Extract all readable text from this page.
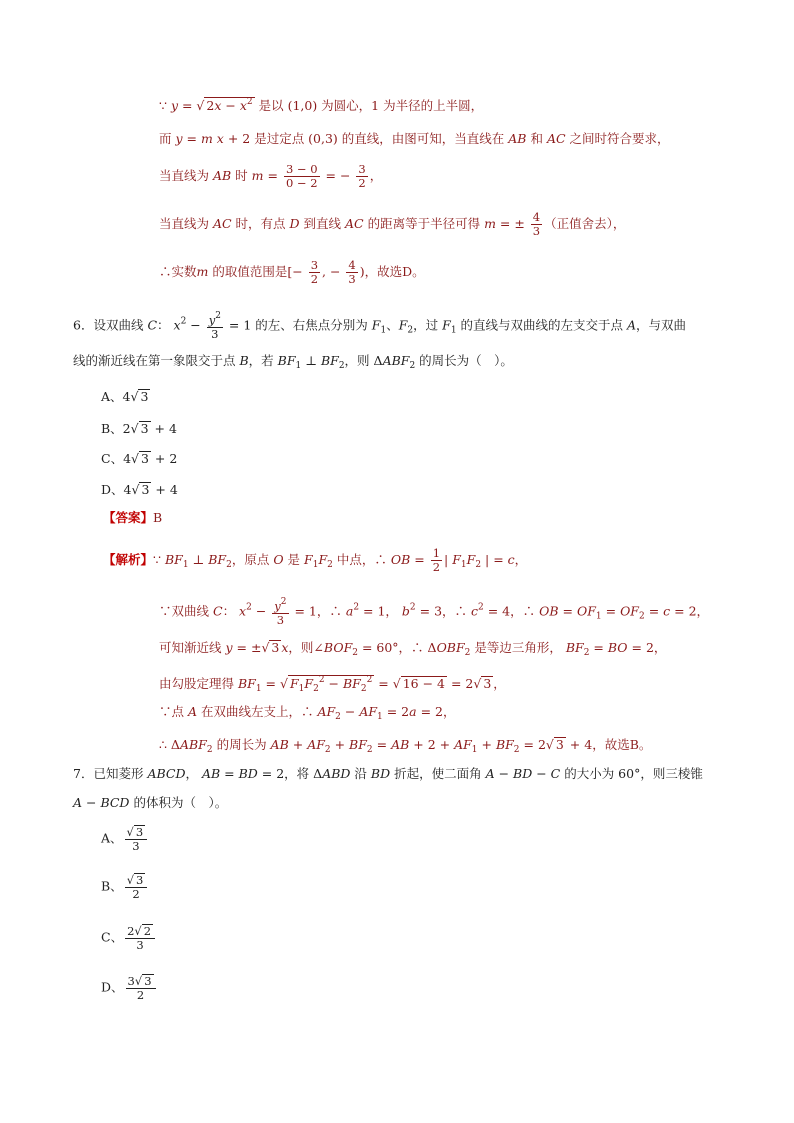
∵ y = √ $2x - x^2$ 是以 (1,0) 为圆心，1 为半径的上半圆，
而 y = m x + 2 是过定点 (0,3) 的直线，由图可知，当直线在 AB 和 AC 之间时符合要求，
当直线为 AB 时 $m = \frac{3 - 0}{0 - 2}$ = − $\frac{3}{2}$ ，
当直线为 AC 时，有点 D 到直线 AC 的距离等于半径可得 m = ± $\frac{4}{3}$ （正值舍去），
∴实数m 的取值范围是[− $\frac{3}{2}$ , − $\frac{4}{3}$ )，故选D。
6．设双曲线 C： $x^2 - \frac{y^2}{3} = 1$ 的左、右焦点分别为 $F_1$、$F_2$，过 $F_1$ 的直线与双曲线的左支交于点 A，与双曲
线的渐近线在第一象限交于点 B，若 $BF_1$ ⊥ $BF_2$，则 $\Delta ABF_2$ 的周长为（　）。
A、4√ 3
B、2√ 3 + 4
C、4√ 3 + 2
D、4√ 3 + 4
【答案】B
【解析】∵ $BF_1$ ⊥ $BF_2$，原点 O 是 $F_1F_2$ 中点，∴ OB = $\frac{1}{2}$ | $F_1F_2$ | = c，
∵双曲线 C： $x^2 - \frac{y^2}{3} = 1$，∴ $a^2 = 1$， $b^2 = 3$，∴ $c^2 = 4$，∴ OB = $OF_1 = OF_2 = c = 2$，
可知渐近线 y = ±√ 3 x，则$\angle BOF_2 = 60^\circ$，∴ $\Delta OBF_2$ 是等边三角形， $BF_2$ = BO = 2，
由勾股定理得 $BF_1$ = √ $F_1F_2^2 - BF_2^2$ = √ 16 − 4 = 2√ 3 ，
∵点 A 在双曲线左支上，∴ $AF_2 - AF_1 = 2a = 2$，
∴ $\Delta ABF_2$ 的周长为 AB + $AF_2 + BF_2$ = AB + $2 + AF_1 + BF_2 = 2√$ 3 + 4，故选B。
7．已知菱形 ABCD， AB = BD = 2，将 ΔABD 沿 BD 折起，使二面角 A − BD − C 的大小为 60°，则三棱锥
A − BCD 的体积为（　）。
A、 $\frac{√ 3}{3}$
B、 $\frac{√ 3}{2}$
C、 $\frac{2√ 2}{3}$
D、 $\frac{3√ 3}{2}$
